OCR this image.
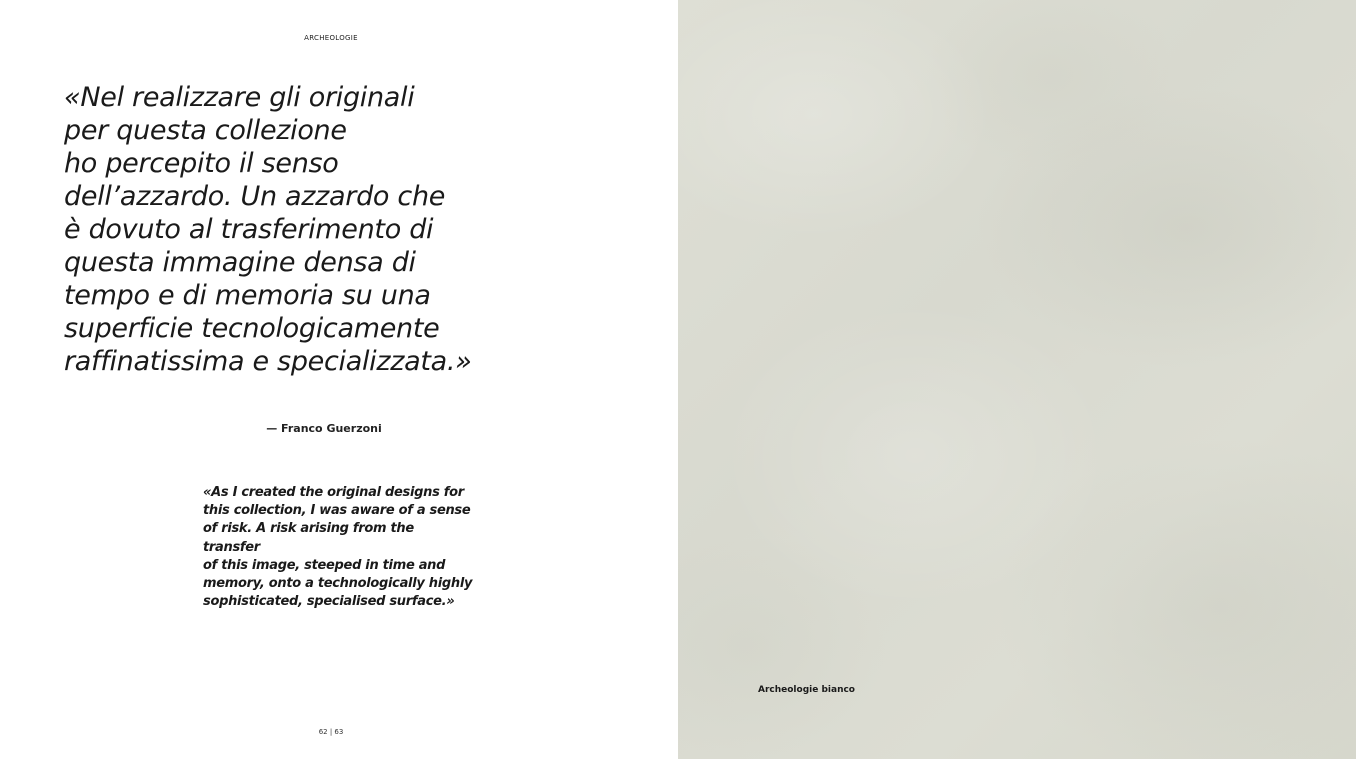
ARCHEOLOGIE

«Nel realizzare gli originali
per questa collezione
ho percepito il senso
dell’azzardo. Un azzardo che
è dovuto al trasferimento di
questa immagine densa di
tempo e di memoria su una
superficie tecnologicamente
raffinatissima e specializzata.»

— Franco Guerzoni

«As I created the original designs for
this collection, I was aware of a sense
of risk. A risk arising from the transfer
of this image, steeped in time and
memory, onto a technologically highly
sophisticated, specialised surface.»

62 | 63
Archeologie bianco
